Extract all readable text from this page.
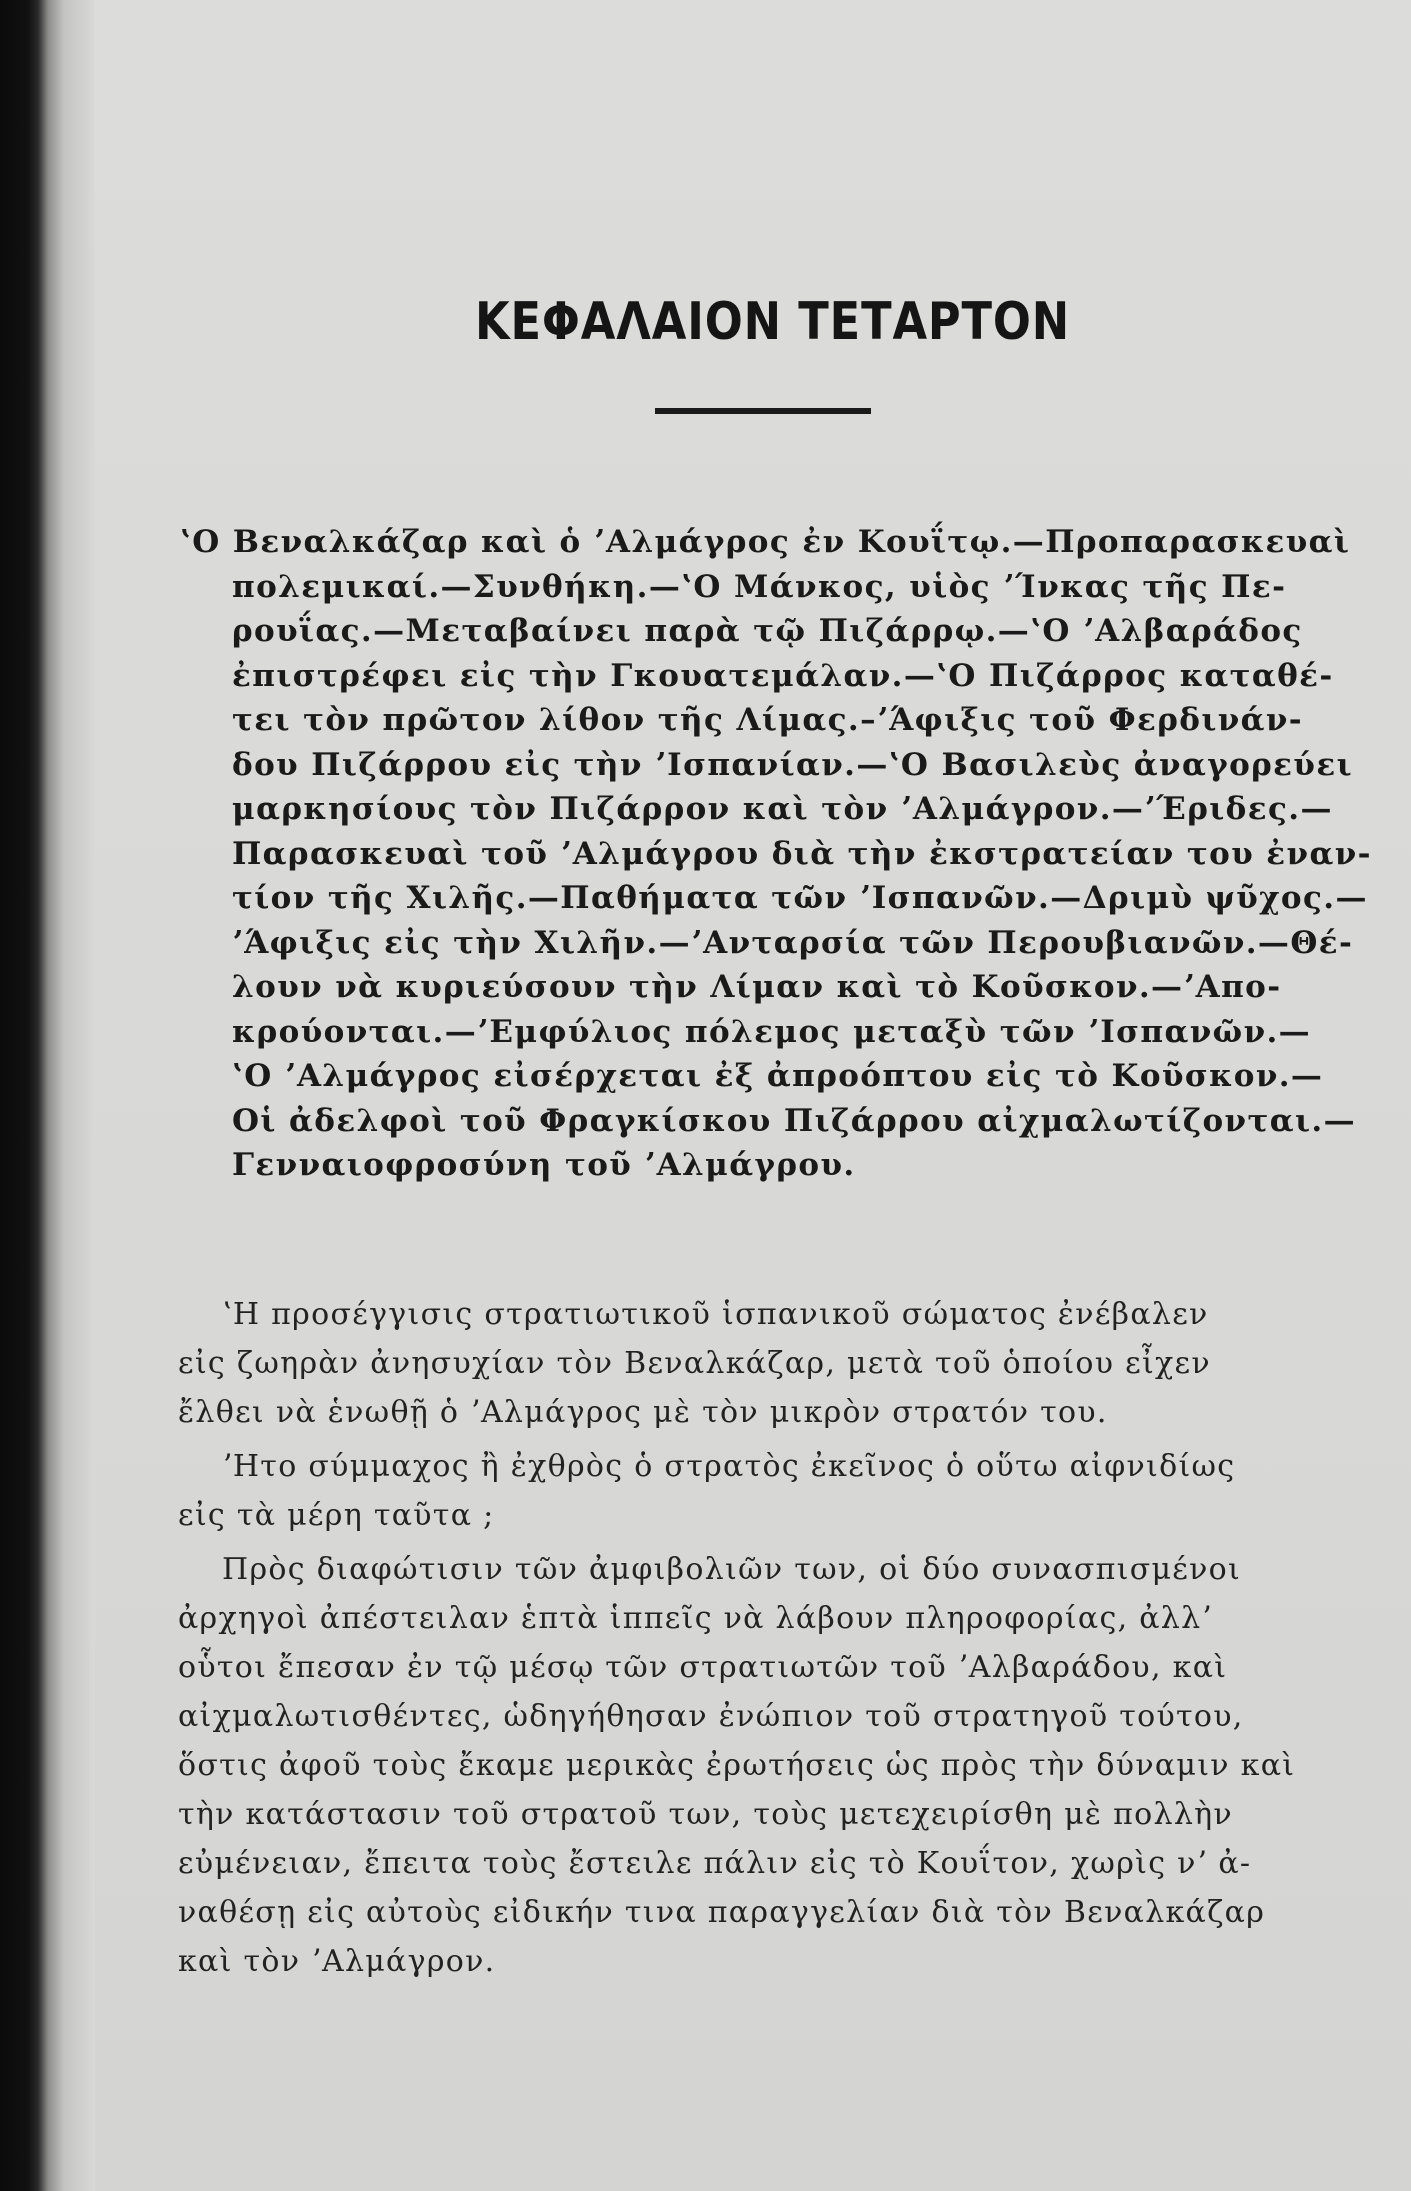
ΚΕΦΑΛΑΙΟΝ ΤΕΤΑΡΤΟΝ
ʽΟ Βεναλκάζαρ καὶ ὁ ʼΑλμάγρος ἐν Κουΐτῳ.—Προπαρασκευαὶ
πολεμικαί.—Συνθήκη.—ʽΟ Μάνκος, υἱὸς ʼΊνκας τῆς Πε-
ρουΐας.—Μεταβαίνει παρὰ τῷ Πιζάρρῳ.—ʽΟ ʼΑλβαράδος
ἐπιστρέφει εἰς τὴν Γκουατεμάλαν.—ʽΟ Πιζάρρος καταθέ-
τει τὸν πρῶτον λίθον τῆς Λίμας.–ʼΆφιξις τοῦ Φερδινάν-
δου Πιζάρρου εἰς τὴν ʼΙσπανίαν.—ʽΟ Βασιλεὺς ἀναγορεύει
μαρκησίους τὸν Πιζάρρον καὶ τὸν ʼΑλμάγρον.—ʼΈριδες.—
Παρασκευαὶ τοῦ ʼΑλμάγρου διὰ τὴν ἐκστρατείαν του ἐναν-
τίον τῆς Χιλῆς.—Παθήματα τῶν ʼΙσπανῶν.—Δριμὺ ψῦχος.—
ʼΆφιξις εἰς τὴν Χιλῆν.—ʼΑνταρσία τῶν Περουβιανῶν.—Θέ-
λουν νὰ κυριεύσουν τὴν Λίμαν καὶ τὸ Κοῦσκον.—ʼΑπο-
κρούονται.—ʼΕμφύλιος πόλεμος μεταξὺ τῶν ʼΙσπανῶν.—
ʽΟ ʼΑλμάγρος εἰσέρχεται ἐξ ἀπροόπτου εἰς τὸ Κοῦσκον.—
Οἱ ἀδελφοὶ τοῦ Φραγκίσκου Πιζάρρου αἰχμαλωτίζονται.—
Γενναιοφροσύνη τοῦ ʼΑλμάγρου.
ʽΗ προσέγγισις στρατιωτικοῦ ἱσπανικοῦ σώματος ἐνέβαλεν
εἰς ζωηρὰν ἀνησυχίαν τὸν Βεναλκάζαρ, μετὰ τοῦ ὁποίου εἶχεν
ἔλθει νὰ ἑνωθῇ ὁ ʼΑλμάγρος μὲ τὸν μικρὸν στρατόν του.
ʼΗτο σύμμαχος ἢ ἐχθρὸς ὁ στρατὸς ἐκεῖνος ὁ οὕτω αἰφνιδίως
εἰς τὰ μέρη ταῦτα ;
Πρὸς διαφώτισιν τῶν ἀμφιβολιῶν των, οἱ δύο συνασπισμένοι
ἀρχηγοὶ ἀπέστειλαν ἑπτὰ ἱππεῖς νὰ λάβουν πληροφορίας, ἀλλʼ
οὗτοι ἔπεσαν ἐν τῷ μέσῳ τῶν στρατιωτῶν τοῦ ʼΑλβαράδου, καὶ
αἰχμαλωτισθέντες, ὡδηγήθησαν ἐνώπιον τοῦ στρατηγοῦ τούτου,
ὅστις ἀφοῦ τοὺς ἔκαμε μερικὰς ἐρωτήσεις ὡς πρὸς τὴν δύναμιν καὶ
τὴν κατάστασιν τοῦ στρατοῦ των, τοὺς μετεχειρίσθη μὲ πολλὴν
εὐμένειαν, ἔπειτα τοὺς ἔστειλε πάλιν εἰς τὸ Κουΐτον, χωρὶς νʼ ἀ-
ναθέσῃ εἰς αὐτοὺς εἰδικήν τινα παραγγελίαν διὰ τὸν Βεναλκάζαρ
καὶ τὸν ʼΑλμάγρον.
